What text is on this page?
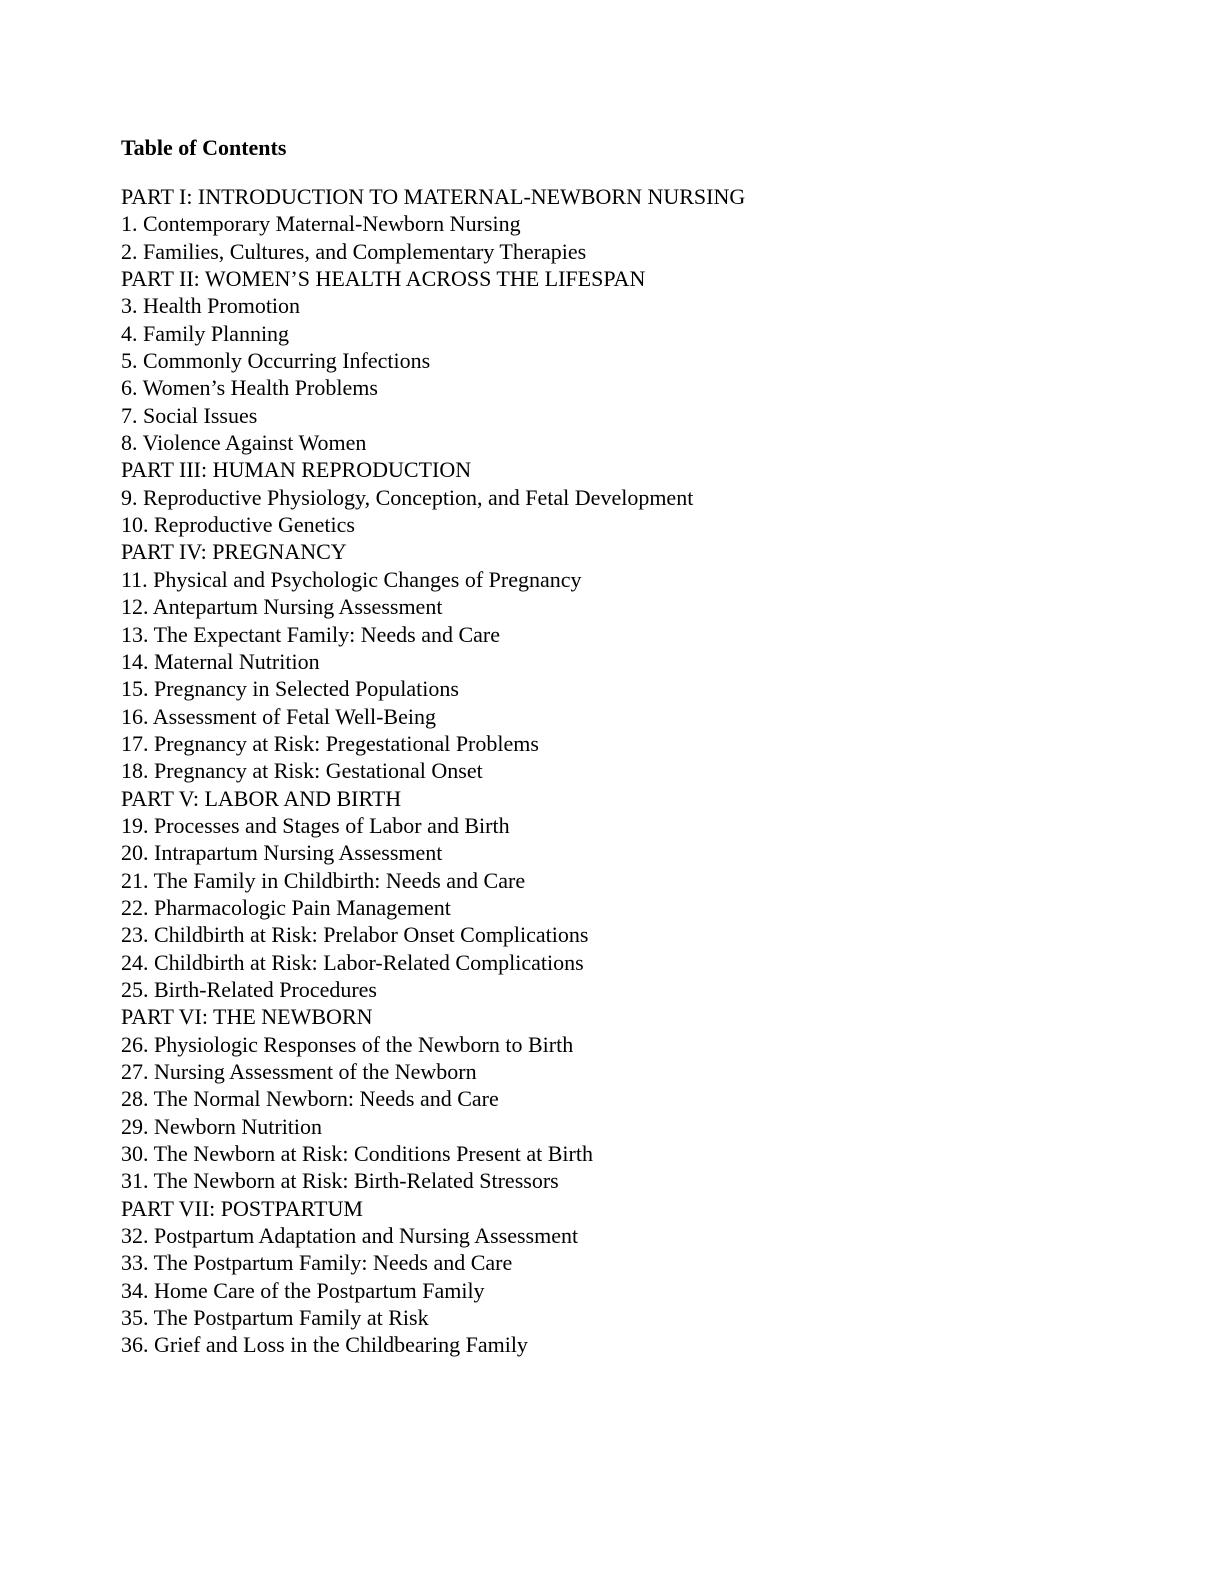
Table of Contents
PART I: INTRODUCTION TO MATERNAL-NEWBORN NURSING
1. Contemporary Maternal-Newborn Nursing
2. Families, Cultures, and Complementary Therapies
PART II: WOMEN’S HEALTH ACROSS THE LIFESPAN
3. Health Promotion
4. Family Planning
5. Commonly Occurring Infections
6. Women’s Health Problems
7. Social Issues
8. Violence Against Women
PART III: HUMAN REPRODUCTION
9. Reproductive Physiology, Conception, and Fetal Development
10. Reproductive Genetics
PART IV: PREGNANCY
11. Physical and Psychologic Changes of Pregnancy
12. Antepartum Nursing Assessment
13. The Expectant Family: Needs and Care
14. Maternal Nutrition
15. Pregnancy in Selected Populations
16. Assessment of Fetal Well-Being
17. Pregnancy at Risk: Pregestational Problems
18. Pregnancy at Risk: Gestational Onset
PART V: LABOR AND BIRTH
19. Processes and Stages of Labor and Birth
20. Intrapartum Nursing Assessment
21. The Family in Childbirth: Needs and Care
22. Pharmacologic Pain Management
23. Childbirth at Risk: Prelabor Onset Complications
24. Childbirth at Risk: Labor-Related Complications
25. Birth-Related Procedures
PART VI: THE NEWBORN
26. Physiologic Responses of the Newborn to Birth
27. Nursing Assessment of the Newborn
28. The Normal Newborn: Needs and Care
29. Newborn Nutrition
30. The Newborn at Risk: Conditions Present at Birth
31. The Newborn at Risk: Birth-Related Stressors
PART VII: POSTPARTUM
32. Postpartum Adaptation and Nursing Assessment
33. The Postpartum Family: Needs and Care
34. Home Care of the Postpartum Family
35. The Postpartum Family at Risk
36. Grief and Loss in the Childbearing Family
